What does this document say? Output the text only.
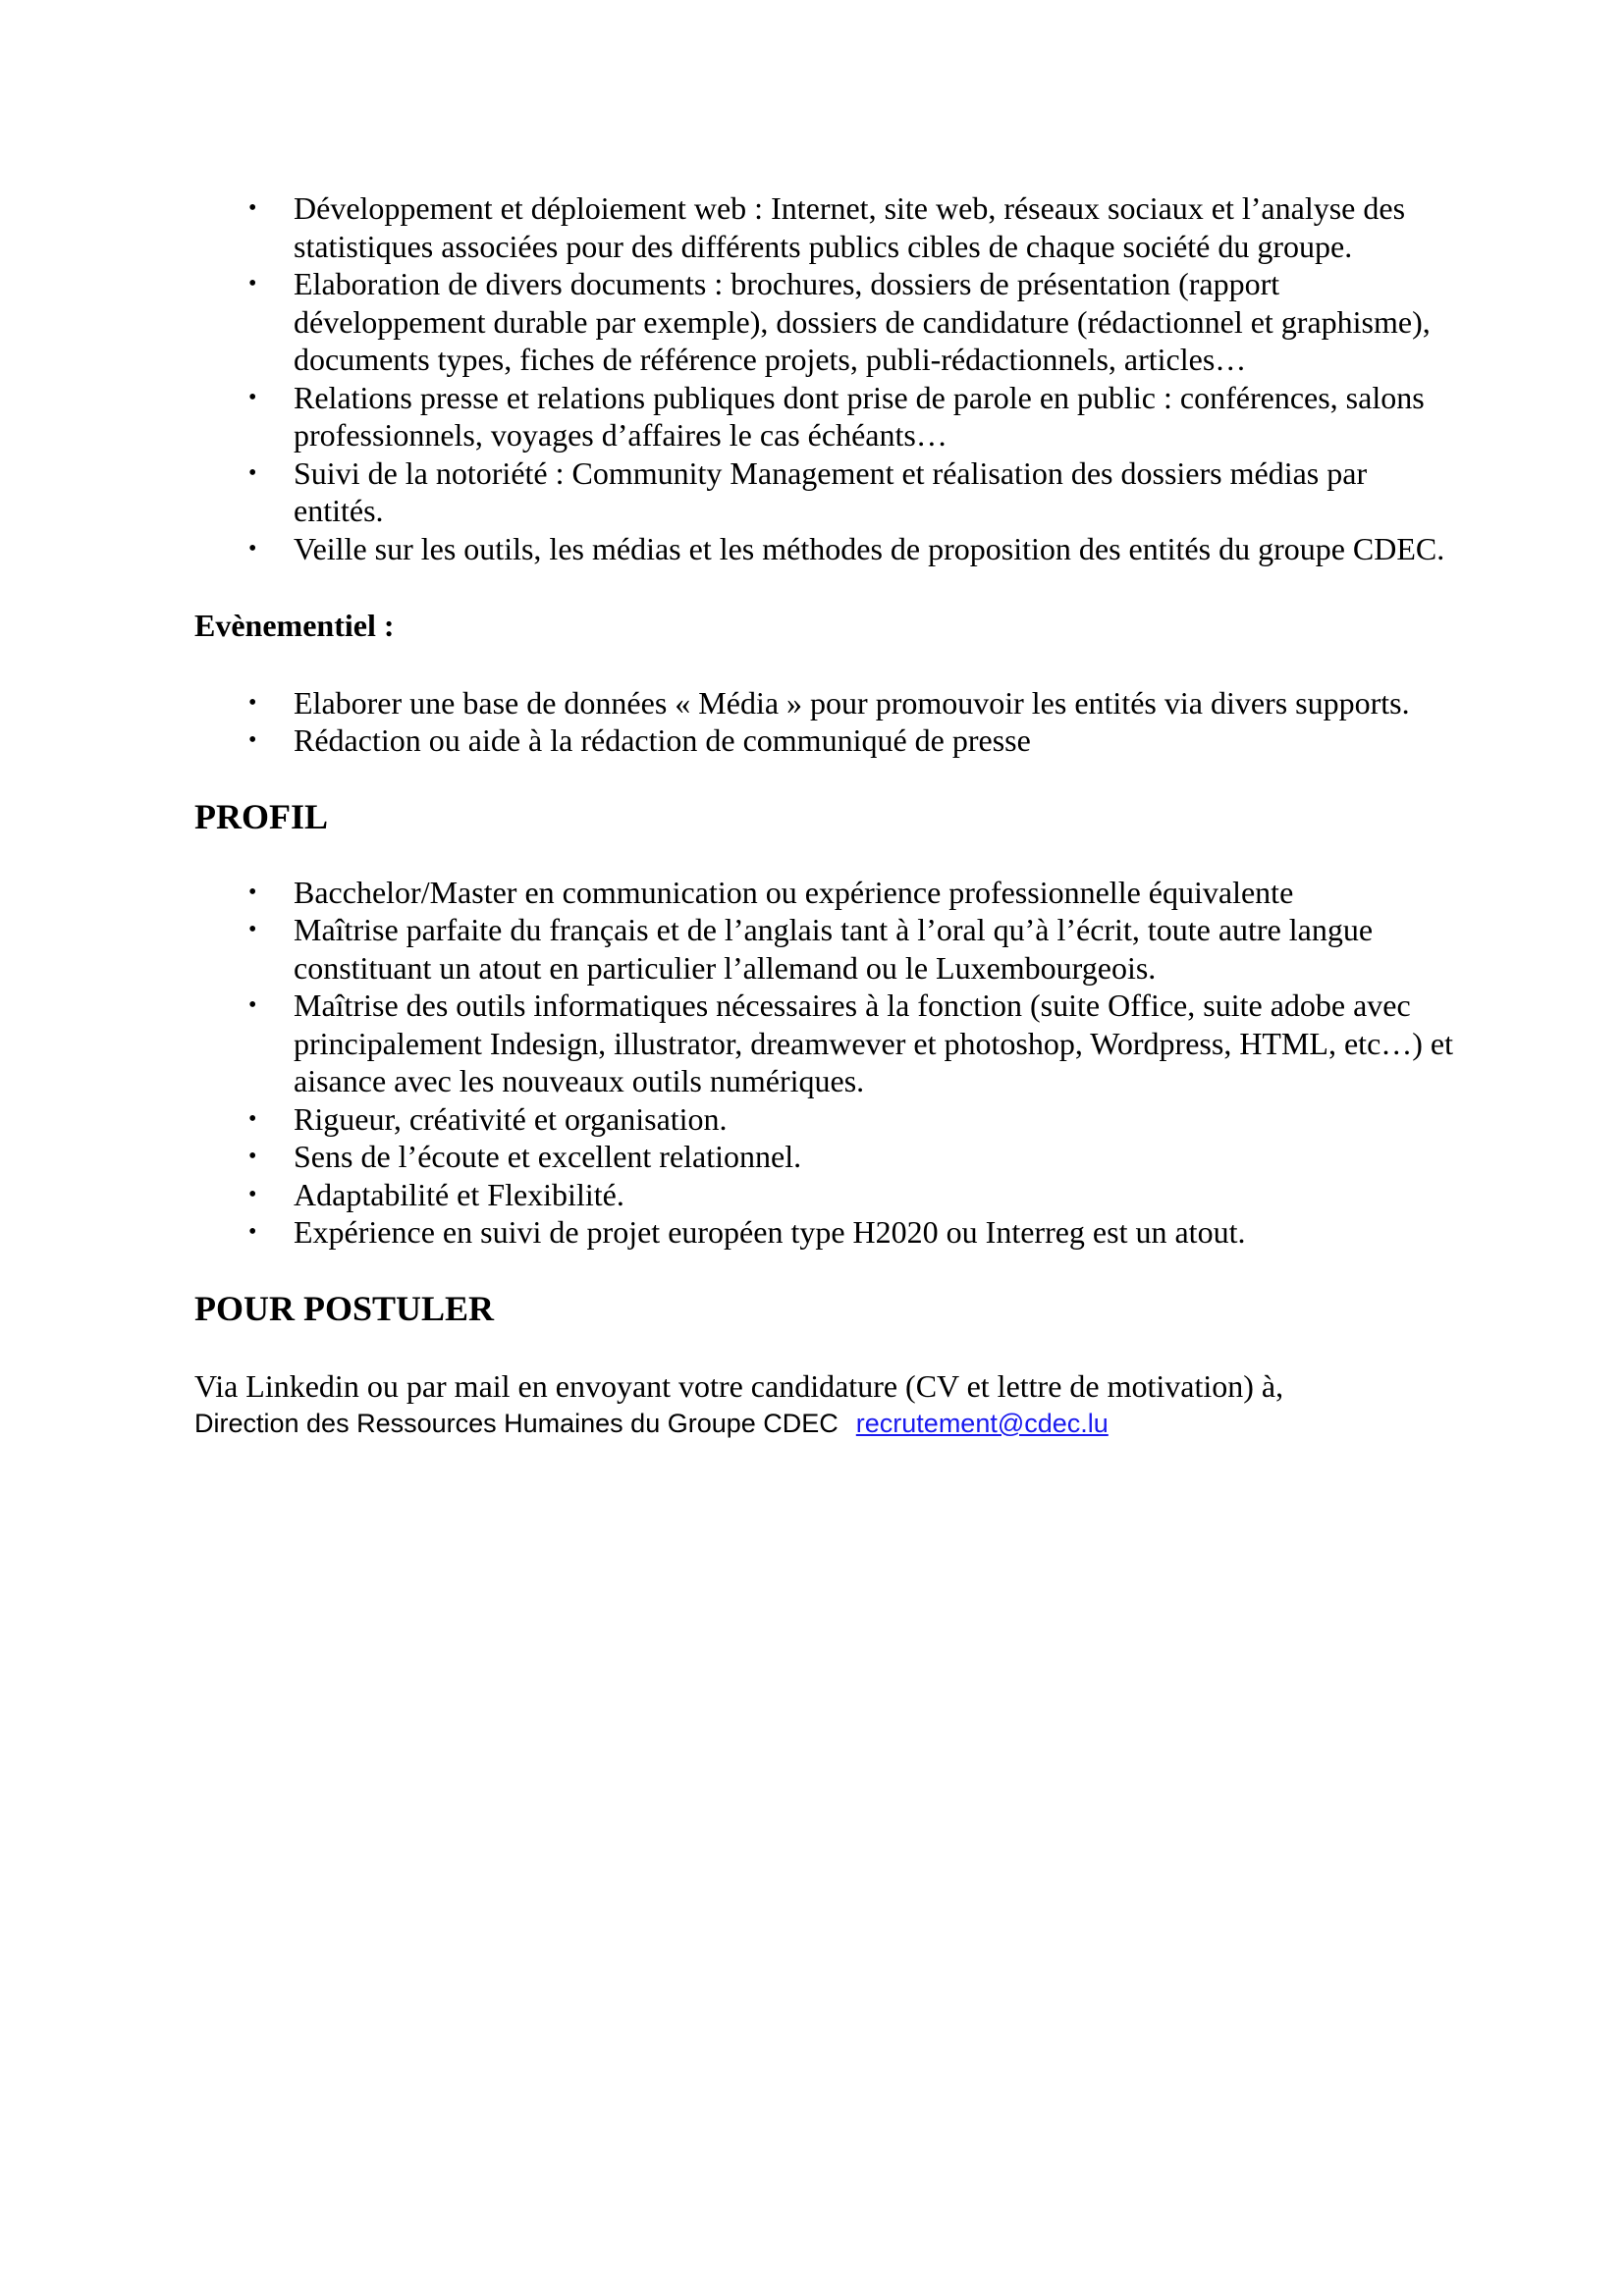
• Développement et déploiement web : Internet, site web, réseaux sociaux et l’analyse des statistiques associées pour des différents publics cibles de chaque société du groupe.
• Elaboration de divers documents : brochures, dossiers de présentation (rapport développement durable par exemple), dossiers de candidature (rédactionnel et graphisme), documents types, fiches de référence projets, publi-rédactionnels, articles…
• Relations presse et relations publiques dont prise de parole en public : conférences, salons professionnels, voyages d’affaires le cas échéants…
• Suivi de la notoriété : Community Management et réalisation des dossiers médias par entités.
• Veille sur les outils, les médias et les méthodes de proposition des entités du groupe CDEC.

Evènementiel :

• Elaborer une base de données « Média » pour promouvoir les entités via divers supports.
• Rédaction ou aide à la rédaction de communiqué de presse
PROFIL
• Bacchelor/Master en communication ou expérience professionnelle équivalente
• Maîtrise parfaite du français et de l’anglais tant à l’oral qu’à l’écrit, toute autre langue constituant un atout en particulier l’allemand ou le Luxembourgeois.
• Maîtrise des outils informatiques nécessaires à la fonction (suite Office, suite adobe avec principalement Indesign, illustrator, dreamwever et photoshop, Wordpress, HTML, etc…) et aisance avec les nouveaux outils numériques.
• Rigueur, créativité et organisation.
• Sens de l’écoute et excellent relationnel.
• Adaptabilité et Flexibilité.
• Expérience en suivi de projet européen type H2020 ou Interreg est un atout.
POUR POSTULER

Via Linkedin ou par mail en envoyant votre candidature (CV et lettre de motivation) à,

Direction des Ressources Humaines du Groupe CDEC recrutement@cdec.lu
